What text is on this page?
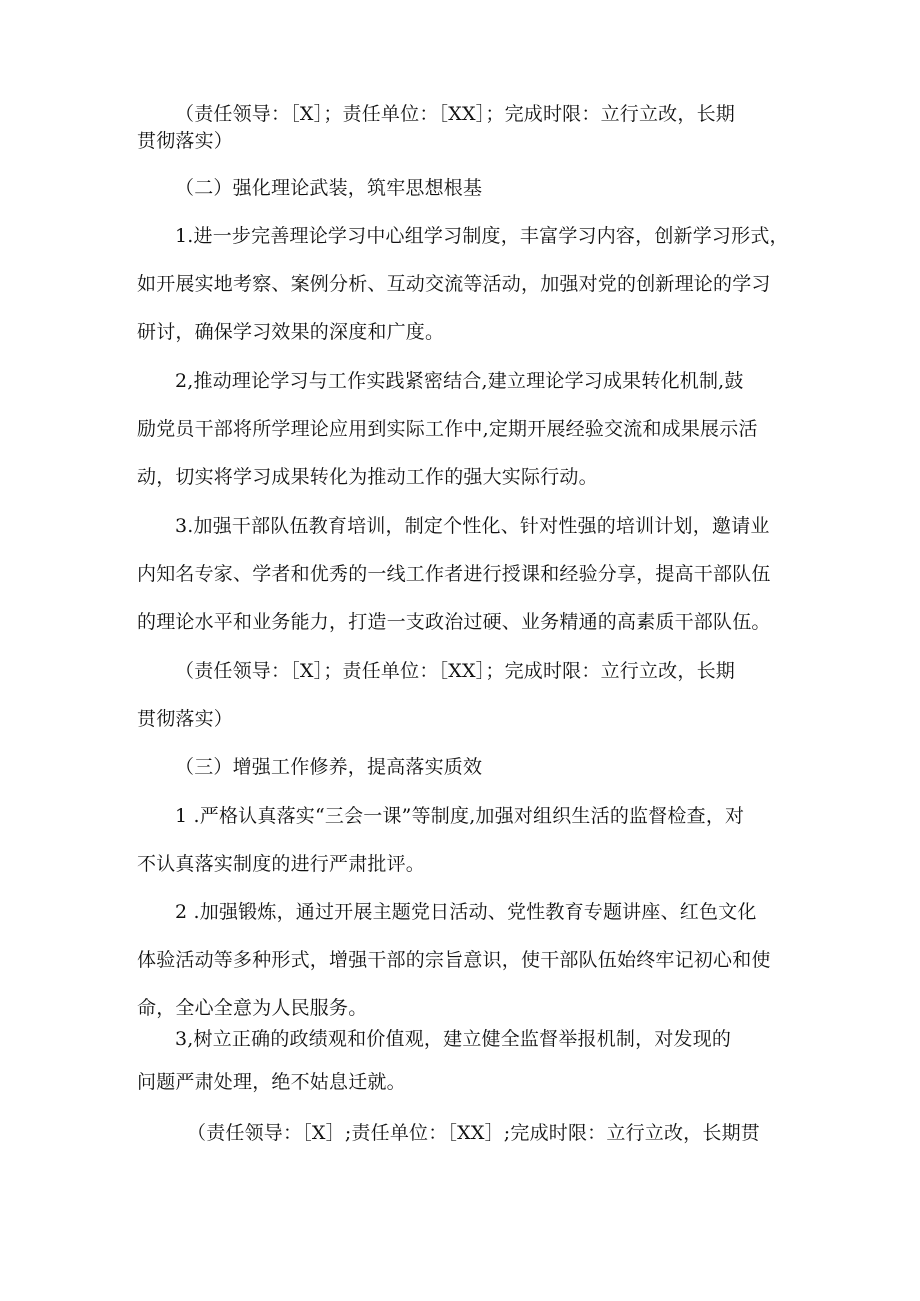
（责任领导：［X］；责任单位：［XX］；完成时限：立行立改，长期
贯彻落实）
（二）强化理论武装，筑牢思想根基
1.进一步完善理论学习中心组学习制度，丰富学习内容，创新学习形式，
如开展实地考察、案例分析、互动交流等活动，加强对党的创新理论的学习
研讨，确保学习效果的深度和广度。
2,推动理论学习与工作实践紧密结合,建立理论学习成果转化机制,鼓
励党员干部将所学理论应用到实际工作中,定期开展经验交流和成果展示活
动，切实将学习成果转化为推动工作的强大实际行动。
3.加强干部队伍教育培训，制定个性化、针对性强的培训计划，邀请业
内知名专家、学者和优秀的一线工作者进行授课和经验分享，提高干部队伍
的理论水平和业务能力，打造一支政治过硬、业务精通的高素质干部队伍。
（责任领导：［X］；责任单位：［XX］；完成时限：立行立改，长期
贯彻落实）
（三）增强工作修养，提高落实质效
1 .严格认真落实“三会一课”等制度,加强对组织生活的监督检查，对
不认真落实制度的进行严肃批评。
2 .加强锻炼，通过开展主题党日活动、党性教育专题讲座、红色文化
体验活动等多种形式，增强干部的宗旨意识，使干部队伍始终牢记初心和使
命，全心全意为人民服务。
3,树立正确的政绩观和价值观，建立健全监督举报机制，对发现的
问题严肃处理，绝不姑息迁就。
（责任领导：［X］;责任单位：［XX］;完成时限：立行立改，长期贯
